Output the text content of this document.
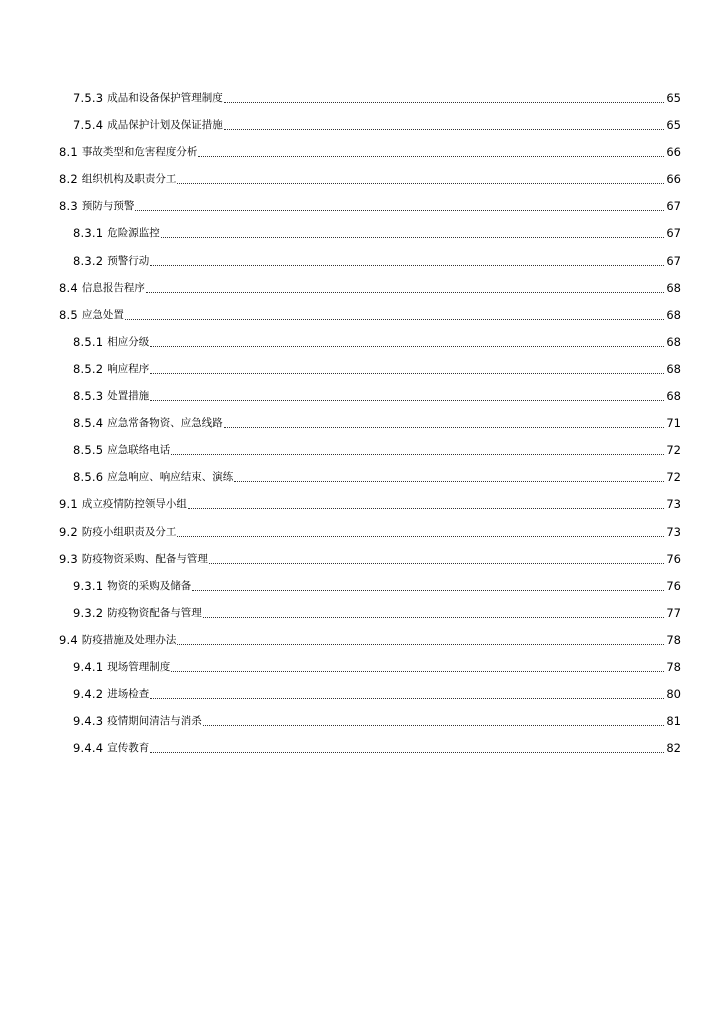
7.5.3 成品和设备保护管理制度	65
7.5.4 成品保护计划及保证措施	65
8.1 事故类型和危害程度分析	66
8.2 组织机构及职责分工	66
8.3 预防与预警	67
8.3.1 危险源监控	67
8.3.2 预警行动	67
8.4 信息报告程序	68
8.5 应急处置	68
8.5.1 相应分级	68
8.5.2 响应程序	68
8.5.3 处置措施	68
8.5.4 应急常备物资、应急线路	71
8.5.5 应急联络电话	72
8.5.6 应急响应、响应结束、演练	72
9.1 成立疫情防控领导小组	73
9.2 防疫小组职责及分工	73
9.3 防疫物资采购、配备与管理	76
9.3.1 物资的采购及储备	76
9.3.2 防疫物资配备与管理	77
9.4 防疫措施及处理办法	78
9.4.1 现场管理制度	78
9.4.2 进场检查	80
9.4.3 疫情期间清洁与消杀	81
9.4.4 宣传教育	82
